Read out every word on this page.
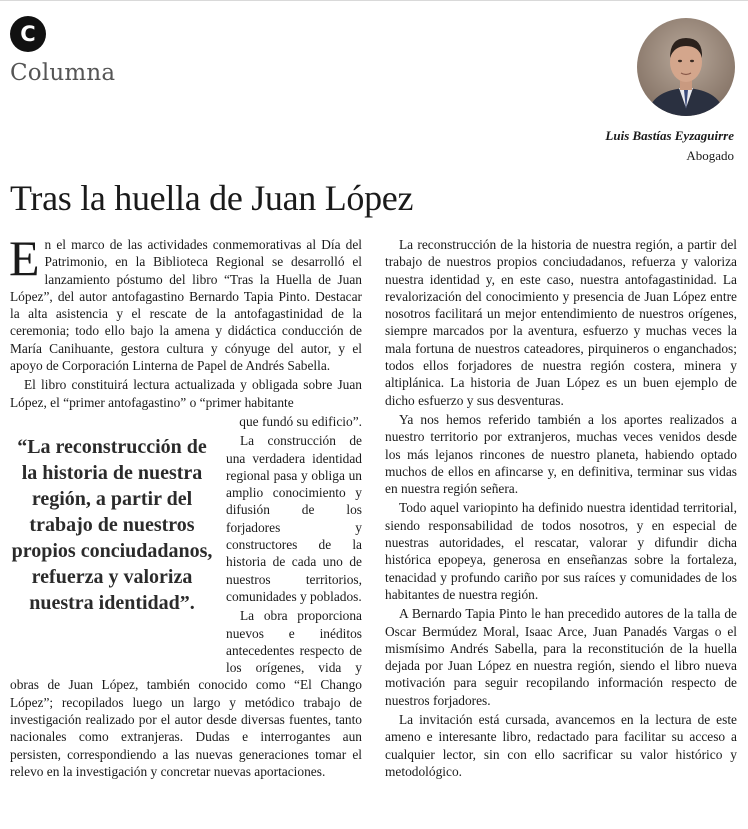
C
Columna
Luis Bastías Eyzaguirre
Abogado
Tras la huella de Juan López

En el marco de las actividades conmemorativas al Día del Patrimonio, en la Biblioteca Regional se desarrolló el lanzamiento póstumo del libro “Tras la Huella de Juan López”, del autor antofagastino Bernardo Tapia Pinto. Destacar la alta asistencia y el rescate de la antofagastinidad de la ceremonia; todo ello bajo la amena y didáctica conducción de María Canihuante, gestora cultura y cónyuge del autor, y el apoyo de Corporación Linterna de Papel de Andrés Sabella.

El libro constituirá lectura actualizada y obligada sobre Juan López, el “primer antofagastino” o “primer habitante

que fundó su edificio”.

“La reconstrucción de la historia de nuestra región, a partir del trabajo de nuestros propios conciudadanos, refuerza y valoriza nuestra identidad”.

La construcción de una verdadera identidad regional pasa y obliga un amplio conocimiento y difusión de los forjadores y constructores de la historia de cada uno de nuestros territorios, comunidades y poblados.

La obra proporciona nuevos e inéditos antecedentes respecto de los orígenes, vida y obras de Juan López, también conocido como “El Chango López”; recopilados luego un largo y metódico trabajo de investigación realizado por el autor desde diversas fuentes, tanto nacionales como extranjeras. Dudas e interrogantes aun persisten, correspondiendo a las nuevas generaciones tomar el relevo en la investigación y concretar nuevas aportaciones.

La reconstrucción de la historia de nuestra región, a partir del trabajo de nuestros propios conciudadanos, refuerza y valoriza nuestra identidad y, en este caso, nuestra antofagastinidad. La revalorización del conocimiento y presencia de Juan López entre nosotros facilitará un mejor entendimiento de nuestros orígenes, siempre marcados por la aventura, esfuerzo y muchas veces la mala fortuna de nuestros cateadores, pirquineros o enganchados; todos ellos forjadores de nuestra región costera, minera y altiplánica. La historia de Juan López es un buen ejemplo de dicho esfuerzo y sus desventuras.

Ya nos hemos referido también a los aportes realizados a nuestro territorio por extranjeros, muchas veces venidos desde los más lejanos rincones de nuestro planeta, habiendo optado muchos de ellos en afincarse y, en definitiva, terminar sus vidas en nuestra región señera.

Todo aquel variopinto ha definido nuestra identidad territorial, siendo responsabilidad de todos nosotros, y en especial de nuestras autoridades, el rescatar, valorar y difundir dicha histórica epopeya, generosa en enseñanzas sobre la fortaleza, tenacidad y profundo cariño por sus raíces y comunidades de los habitantes de nuestra región.

A Bernardo Tapia Pinto le han precedido autores de la talla de Oscar Bermúdez Moral, Isaac Arce, Juan Panadés Vargas o el mismísimo Andrés Sabella, para la reconstitución de la huella dejada por Juan López en nuestra región, siendo el libro nueva motivación para seguir recopilando información respecto de nuestros forjadores.

La invitación está cursada, avancemos en la lectura de este ameno e interesante libro, redactado para facilitar su acceso a cualquier lector, sin con ello sacrificar su valor histórico y metodológico.
